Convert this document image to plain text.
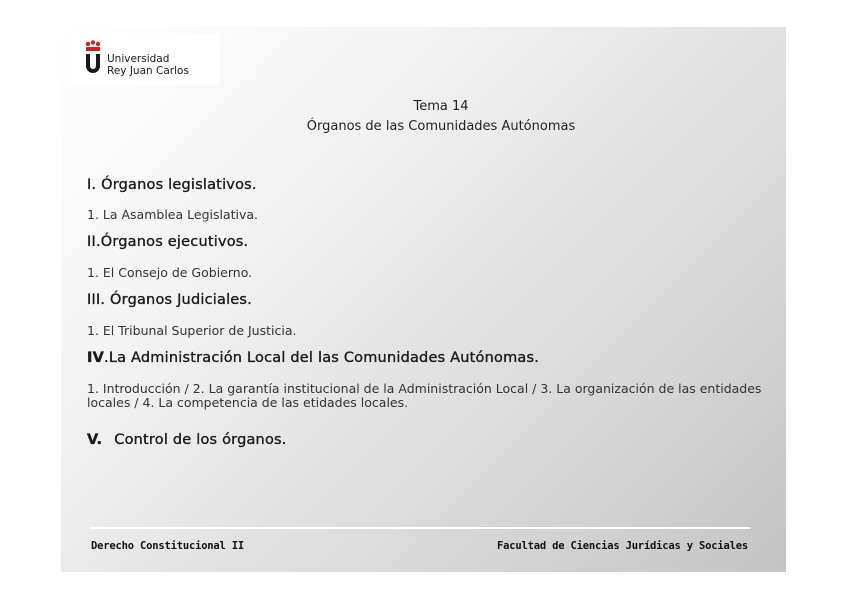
Universidad
Rey Juan Carlos
Tema 14
Órganos de las Comunidades Autónomas
I. Órganos legislativos.
1. La Asamblea Legislativa.
II.Órganos ejecutivos.
1. El Consejo de Gobierno.
III. Órganos Judiciales.
1. El Tribunal Superior de Justicia.
IV.La Administración Local del las Comunidades Autónomas.
1. Introducción / 2. La garantía institucional de la Administración Local / 3. La organización de las entidades locales / 4. La competencia de las etidades locales.
V. Control de los órganos.
Derecho Constitucional II	Facultad de Ciencias Jurídicas y Sociales
